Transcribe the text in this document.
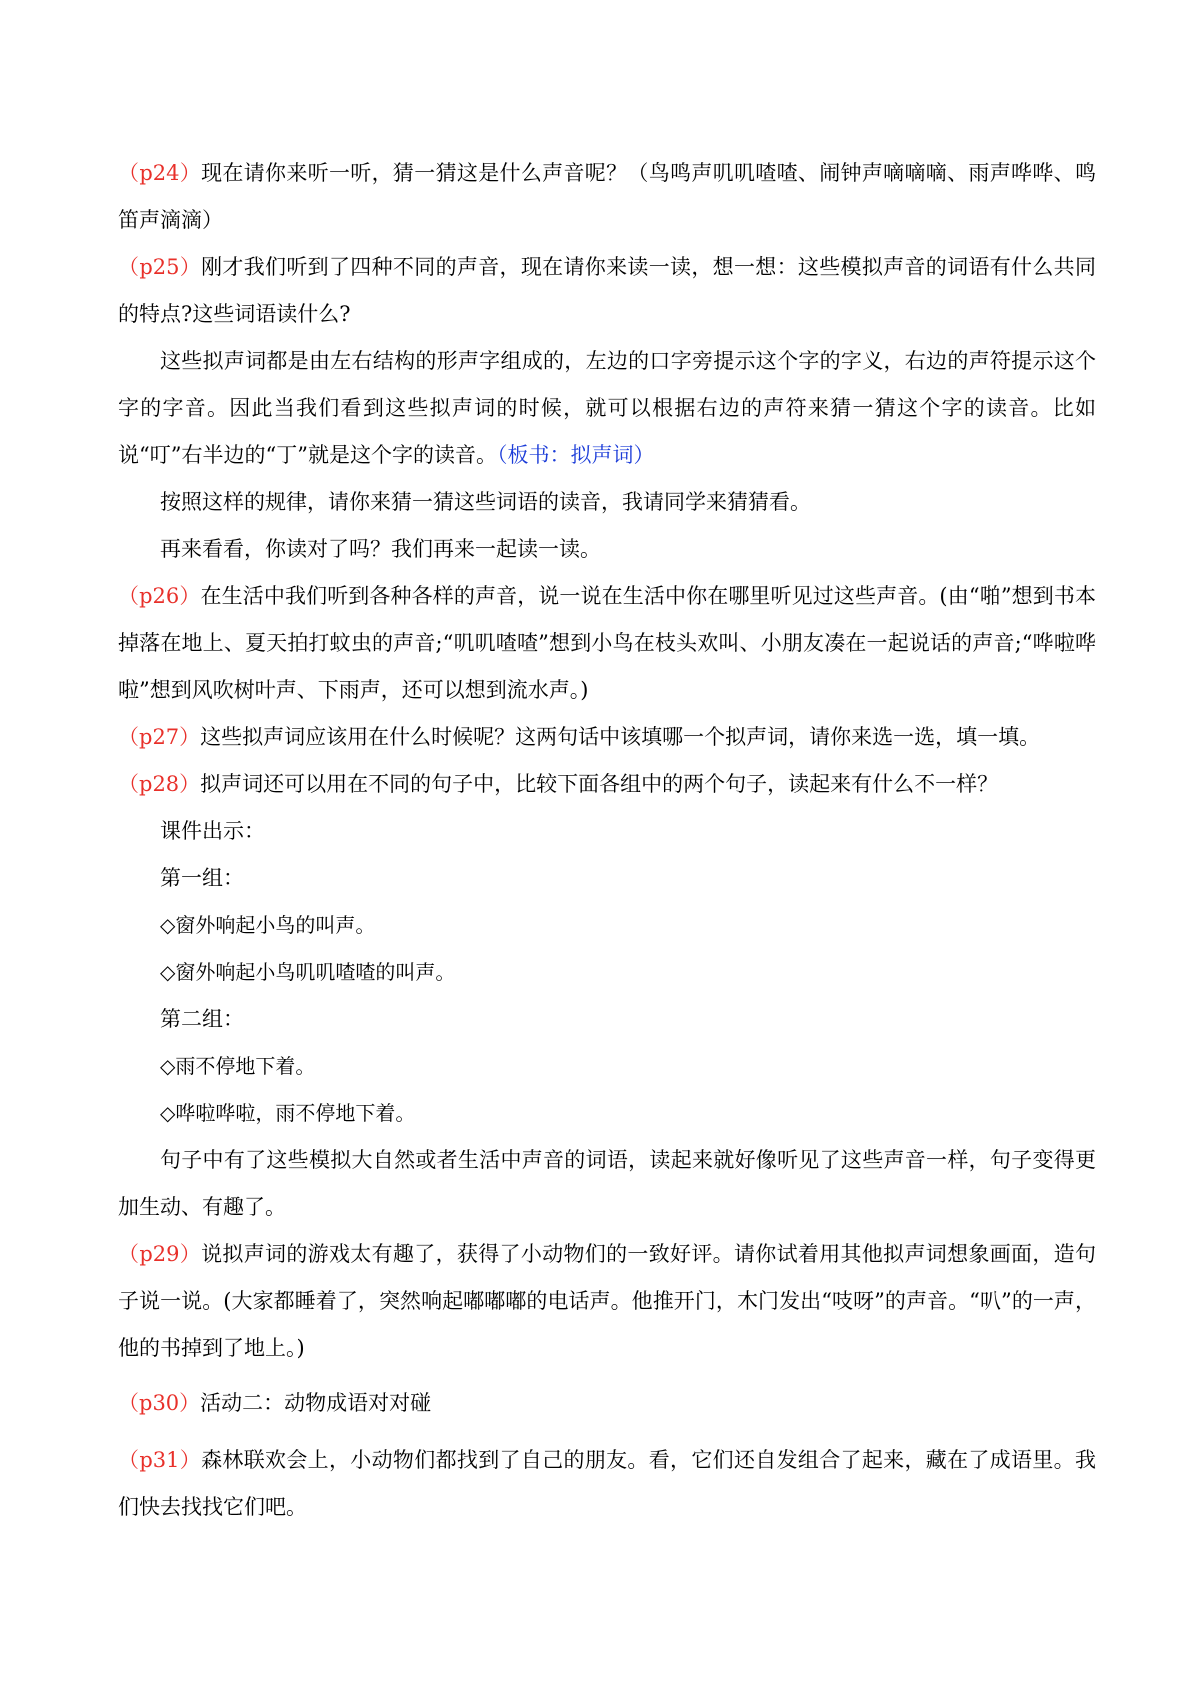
（p24）现在请你来听一听，猜一猜这是什么声音呢？（鸟鸣声叽叽喳喳、闹钟声嘀嘀嘀、雨声哗哗、鸣笛声滴滴）

（p25）刚才我们听到了四种不同的声音，现在请你来读一读，想一想：这些模拟声音的词语有什么共同的特点?这些词语读什么?

这些拟声词都是由左右结构的形声字组成的，左边的口字旁提示这个字的字义，右边的声符提示这个字的字音。因此当我们看到这些拟声词的时候，就可以根据右边的声符来猜一猜这个字的读音。比如说“叮”右半边的“丁”就是这个字的读音。（板书：拟声词）

按照这样的规律，请你来猜一猜这些词语的读音，我请同学来猜猜看。

再来看看，你读对了吗？我们再来一起读一读。

（p26）在生活中我们听到各种各样的声音，说一说在生活中你在哪里听见过这些声音。(由“啪”想到书本掉落在地上、夏天拍打蚊虫的声音;“叽叽喳喳”想到小鸟在枝头欢叫、小朋友凑在一起说话的声音;“哗啦哗啦”想到风吹树叶声、下雨声，还可以想到流水声。)

（p27）这些拟声词应该用在什么时候呢？这两句话中该填哪一个拟声词，请你来选一选，填一填。

（p28）拟声词还可以用在不同的句子中，比较下面各组中的两个句子，读起来有什么不一样？

课件出示：

第一组：

◇窗外响起小鸟的叫声。

◇窗外响起小鸟叽叽喳喳的叫声。

第二组：

◇雨不停地下着。

◇哗啦哗啦，雨不停地下着。

句子中有了这些模拟大自然或者生活中声音的词语，读起来就好像听见了这些声音一样，句子变得更加生动、有趣了。

（p29）说拟声词的游戏太有趣了，获得了小动物们的一致好评。请你试着用其他拟声词想象画面，造句子说一说。(大家都睡着了，突然响起嘟嘟嘟的电话声。他推开门，木门发出“吱呀”的声音。“叭”的一声，他的书掉到了地上。)

（p30）活动二：动物成语对对碰

（p31）森林联欢会上，小动物们都找到了自己的朋友。看，它们还自发组合了起来，藏在了成语里。我们快去找找它们吧。
